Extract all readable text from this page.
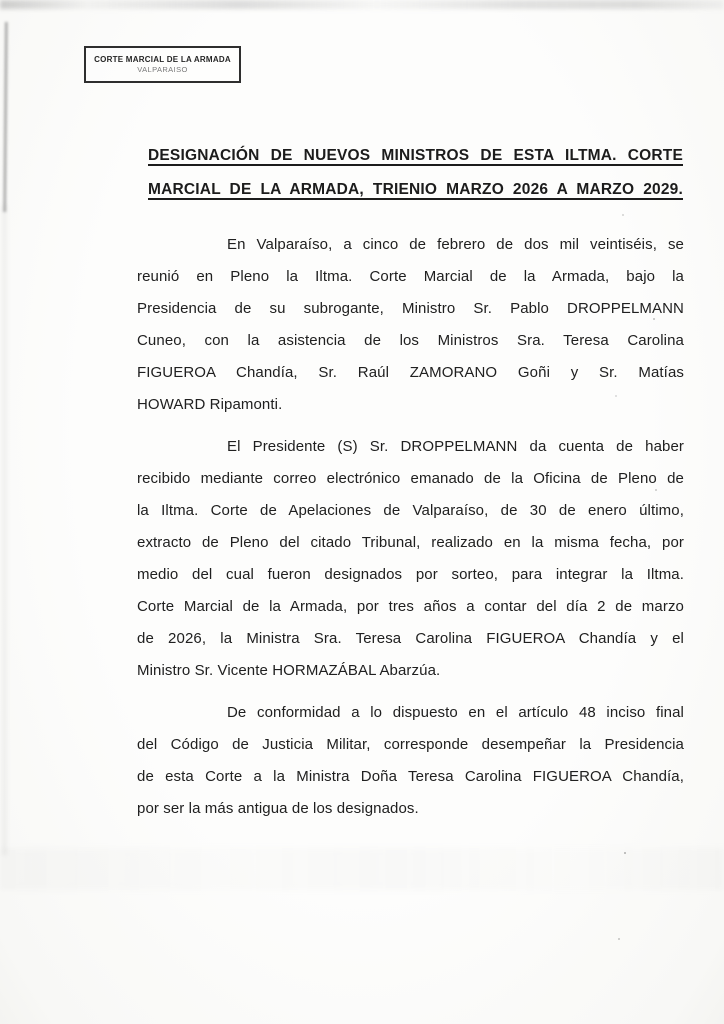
CORTE MARCIAL DE LA ARMADA
VALPARAISO
DESIGNACIÓN DE NUEVOS MINISTROS DE ESTA ILTMA. CORTE
MARCIAL DE LA ARMADA, TRIENIO MARZO 2026 A MARZO 2029.
En Valparaíso, a cinco de febrero de dos mil veintiséis, se
reunió en Pleno la Iltma. Corte Marcial de la Armada, bajo la
Presidencia de su subrogante, Ministro Sr. Pablo DROPPELMANN
Cuneo, con la asistencia de los Ministros Sra. Teresa Carolina
FIGUEROA Chandía, Sr. Raúl ZAMORANO Goñi y Sr. Matías
HOWARD Ripamonti.
El Presidente (S) Sr. DROPPELMANN da cuenta de haber
recibido mediante correo electrónico emanado de la Oficina de Pleno de
la Iltma. Corte de Apelaciones de Valparaíso, de 30 de enero último,
extracto de Pleno del citado Tribunal, realizado en la misma fecha, por
medio del cual fueron designados por sorteo, para integrar la Iltma.
Corte Marcial de la Armada, por tres años a contar del día 2 de marzo
de 2026, la Ministra Sra. Teresa Carolina FIGUEROA Chandía y el
Ministro Sr. Vicente HORMAZÁBAL Abarzúa.
De conformidad a lo dispuesto en el artículo 48 inciso final
del Código de Justicia Militar, corresponde desempeñar la Presidencia
de esta Corte a la Ministra Doña Teresa Carolina FIGUEROA Chandía,
por ser la más antigua de los designados.
